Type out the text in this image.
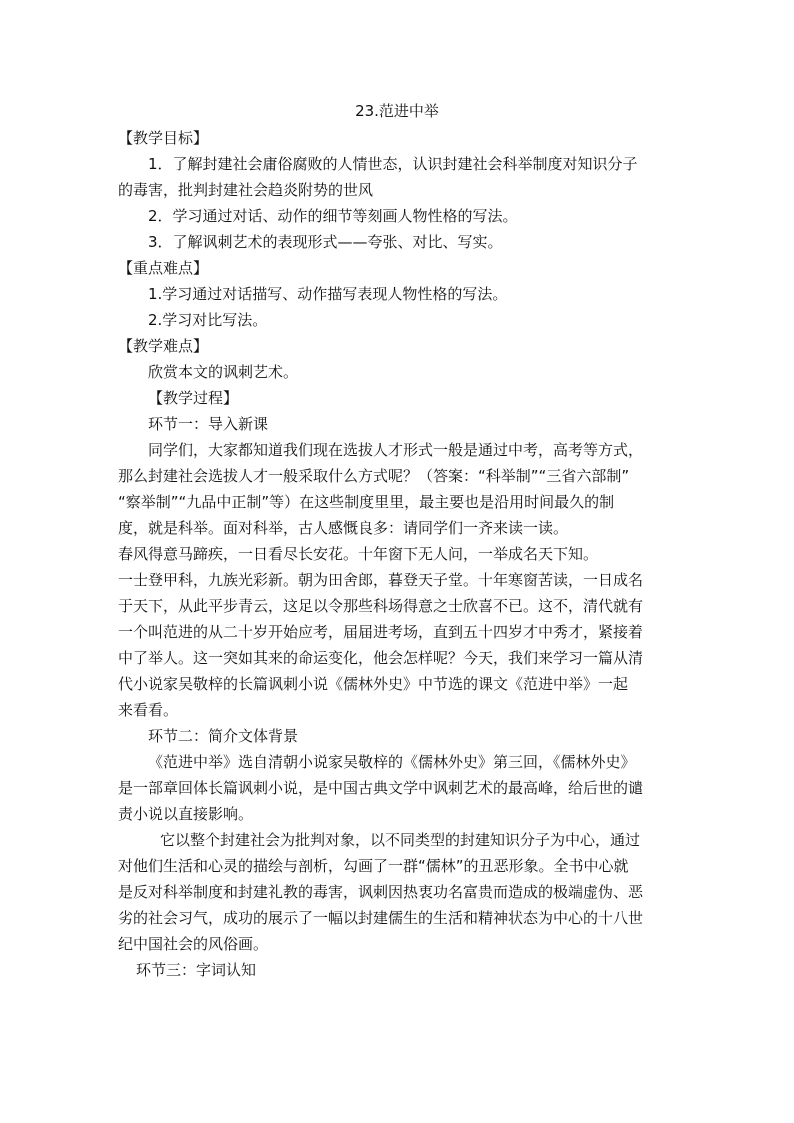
23.范进中举
【教学目标】
1．了解封建社会庸俗腐败的人情世态，认识封建社会科举制度对知识分子
的毒害，批判封建社会趋炎附势的世风
2．学习通过对话、动作的细节等刻画人物性格的写法。
3．了解讽刺艺术的表现形式——夸张、对比、写实。
【重点难点】
1.学习通过对话描写、动作描写表现人物性格的写法。
2.学习对比写法。
【教学难点】
欣赏本文的讽刺艺术。
【教学过程】
环节一：导入新课
同学们，大家都知道我们现在选拔人才形式一般是通过中考，高考等方式，
那么封建社会选拔人才一般采取什么方式呢？（答案：“科举制”“三省六部制”
“察举制”“九品中正制”等）在这些制度里里，最主要也是沿用时间最久的制
度，就是科举。面对科举，古人感慨良多：请同学们一齐来读一读。
春风得意马蹄疾，一日看尽长安花。十年窗下无人问，一举成名天下知。
一士登甲科，九族光彩新。朝为田舍郎，暮登天子堂。十年寒窗苦读，一日成名
于天下，从此平步青云，这足以令那些科场得意之士欣喜不已。这不，清代就有
一个叫范进的从二十岁开始应考，届届进考场，直到五十四岁才中秀才，紧接着
中了举人。这一突如其来的命运变化，他会怎样呢？今天，我们来学习一篇从清
代小说家吴敬梓的长篇讽刺小说《儒林外史》中节选的课文《范进中举》一起
来看看。
环节二：简介文体背景
《范进中举》选自清朝小说家吴敬梓的《儒林外史》第三回，《儒林外史》
是一部章回体长篇讽刺小说，是中国古典文学中讽刺艺术的最高峰，给后世的谴
责小说以直接影响。
它以整个封建社会为批判对象，以不同类型的封建知识分子为中心，通过
对他们生活和心灵的描绘与剖析，勾画了一群“儒林”的丑恶形象。全书中心就
是反对科举制度和封建礼教的毒害，讽刺因热衷功名富贵而造成的极端虚伪、恶
劣的社会习气，成功的展示了一幅以封建儒生的生活和精神状态为中心的十八世
纪中国社会的风俗画。
环节三：字词认知
